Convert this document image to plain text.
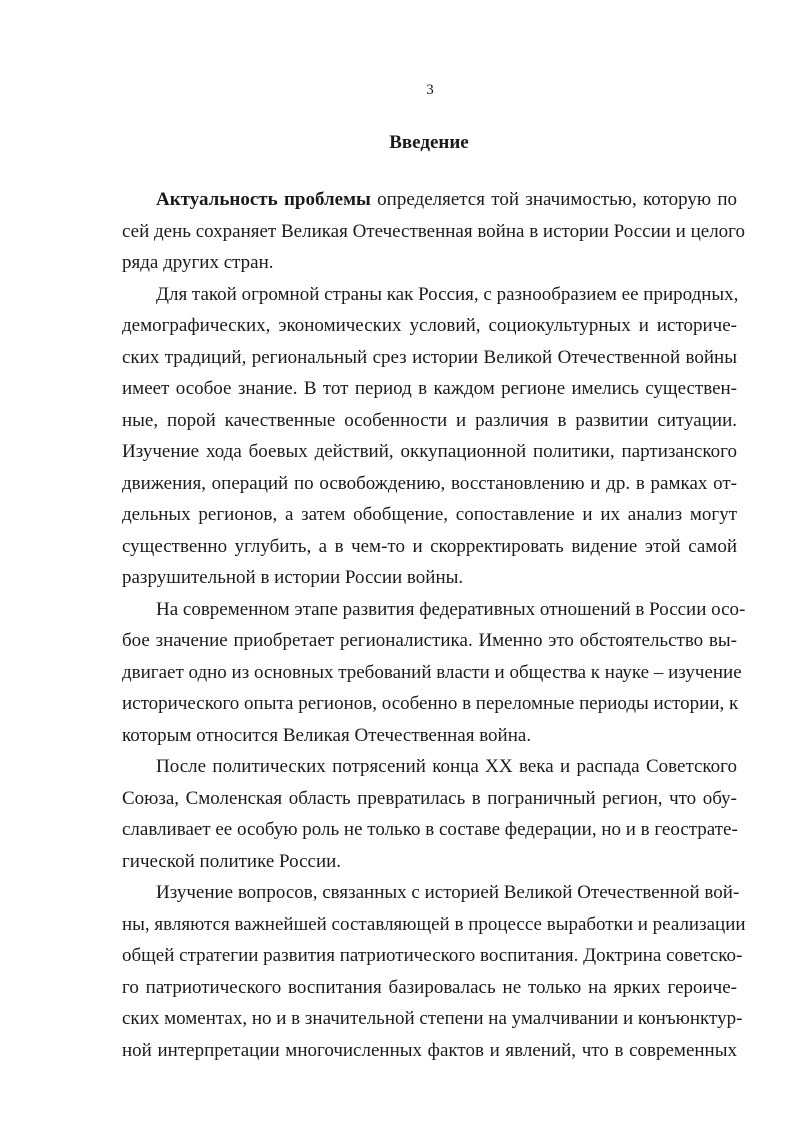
3
Введение
Актуальность проблемы определяется той значимостью, которую по
сей день сохраняет Великая Отечественная война в истории России и целого
ряда других стран.
Для такой огромной страны как Россия, с разнообразием ее природных,
демографических, экономических условий, социокультурных и историче-
ских традиций, региональный срез истории Великой Отечественной войны
имеет особое знание. В тот период в каждом регионе имелись существен-
ные, порой качественные особенности и различия в развитии ситуации.
Изучение хода боевых действий, оккупационной политики, партизанского
движения, операций по освобождению, восстановлению и др. в рамках от-
дельных регионов, а затем обобщение, сопоставление и их анализ могут
существенно углубить, а в чем-то и скорректировать видение этой самой
разрушительной в истории России войны.
На современном этапе развития федеративных отношений в России осо-
бое значение приобретает регионалистика. Именно это обстоятельство вы-
двигает одно из основных требований власти и общества к науке – изучение
исторического опыта регионов, особенно в переломные периоды истории, к
которым относится Великая Отечественная война.
После политических потрясений конца XX века и распада Советского
Союза, Смоленская область превратилась в пограничный регион, что обу-
славливает ее особую роль не только в составе федерации, но и в геострате-
гической политике России.
Изучение вопросов, связанных с историей Великой Отечественной вой-
ны, являются важнейшей составляющей в процессе выработки и реализации
общей стратегии развития патриотического воспитания. Доктрина советско-
го патриотического воспитания базировалась не только на ярких героиче-
ских моментах, но и в значительной степени на умалчивании и конъюнктур-
ной интерпретации многочисленных фактов и явлений, что в современных
